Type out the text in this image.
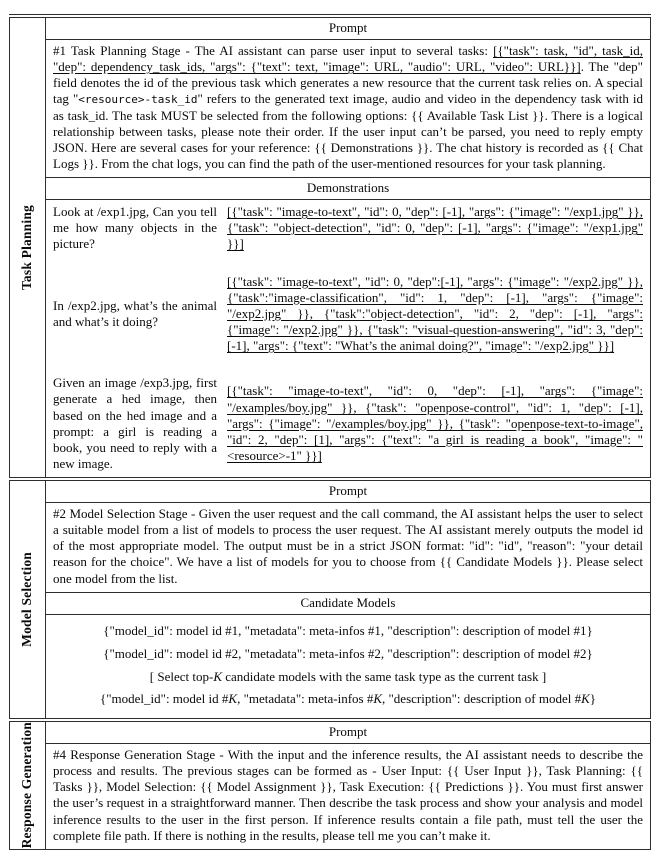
Task Planning
Prompt
#1 Task Planning Stage - The AI assistant can parse user input to several tasks: [{"task": task, "id", task_id, "dep": dependency_task_ids, "args": {"text": text, "image": URL, "audio": URL, "video": URL}}]. The "dep" field denotes the id of the previous task which generates a new resource that the current task relies on. A special tag "<resource>-task_id" refers to the generated text image, audio and video in the dependency task with id as task_id. The task MUST be selected from the following options: {{ Available Task List }}. There is a logical relationship between tasks, please note their order. If the user input can’t be parsed, you need to reply empty JSON. Here are several cases for your reference: {{ Demonstrations }}. The chat history is recorded as {{ Chat Logs }}. From the chat logs, you can find the path of the user-mentioned resources for your task planning.
Demonstrations
Look at /exp1.jpg, Can you tell me how many objects in the picture?
[{"task": "image-to-text", "id": 0, "dep": [-1], "args": {"image": "/exp1.jpg" }}, {"task": "object-detection", "id": 0, "dep": [-1], "args": {"image": "/exp1.jpg" }}]
In /exp2.jpg, what’s the animal and what’s it doing?
[{"task": "image-to-text", "id": 0, "dep":[-1], "args": {"image": "/exp2.jpg" }}, {"task":"image-classification", "id": 1, "dep": [-1], "args": {"image": "/exp2.jpg" }}, {"task":"object-detection", "id": 2, "dep": [-1], "args": {"image": "/exp2.jpg" }}, {"task": "visual-question-answering", "id": 3, "dep":[-1], "args": {"text": "What’s the animal doing?", "image": "/exp2.jpg" }}]
Given an image /exp3.jpg, first generate a hed image, then based on the hed image and a prompt: a girl is reading a book, you need to reply with a new image.
[{"task": "image-to-text", "id": 0, "dep": [-1], "args": {"image": "/examples/boy.jpg" }}, {"task": "openpose-control", "id": 1, "dep": [-1], "args": {"image": "/examples/boy.jpg" }}, {"task": "openpose-text-to-image", "id": 2, "dep": [1], "args": {"text": "a girl is reading a book", "image": "<resource>-1" }}]
Model Selection
Prompt
#2 Model Selection Stage - Given the user request and the call command, the AI assistant helps the user to select a suitable model from a list of models to process the user request. The AI assistant merely outputs the model id of the most appropriate model. The output must be in a strict JSON format: "id": "id", "reason": "your detail reason for the choice". We have a list of models for you to choose from {{ Candidate Models }}. Please select one model from the list.
Candidate Models
{"model_id": model id #1, "metadata": meta-infos #1, "description": description of model #1}
{"model_id": model id #2, "metadata": meta-infos #2, "description": description of model #2}
[ Select top-K candidate models with the same task type as the current task ]
{"model_id": model id #K, "metadata": meta-infos #K, "description": description of model #K}
Response Generation	Prompt
#4 Response Generation Stage - With the input and the inference results, the AI assistant needs to describe the process and results. The previous stages can be formed as - User Input: {{ User Input }}, Task Planning: {{ Tasks }}, Model Selection: {{ Model Assignment }}, Task Execution: {{ Predictions }}. You must first answer the user’s request in a straightforward manner. Then describe the task process and show your analysis and model inference results to the user in the first person. If inference results contain a file path, must tell the user the complete file path. If there is nothing in the results, please tell me you can’t make it.
